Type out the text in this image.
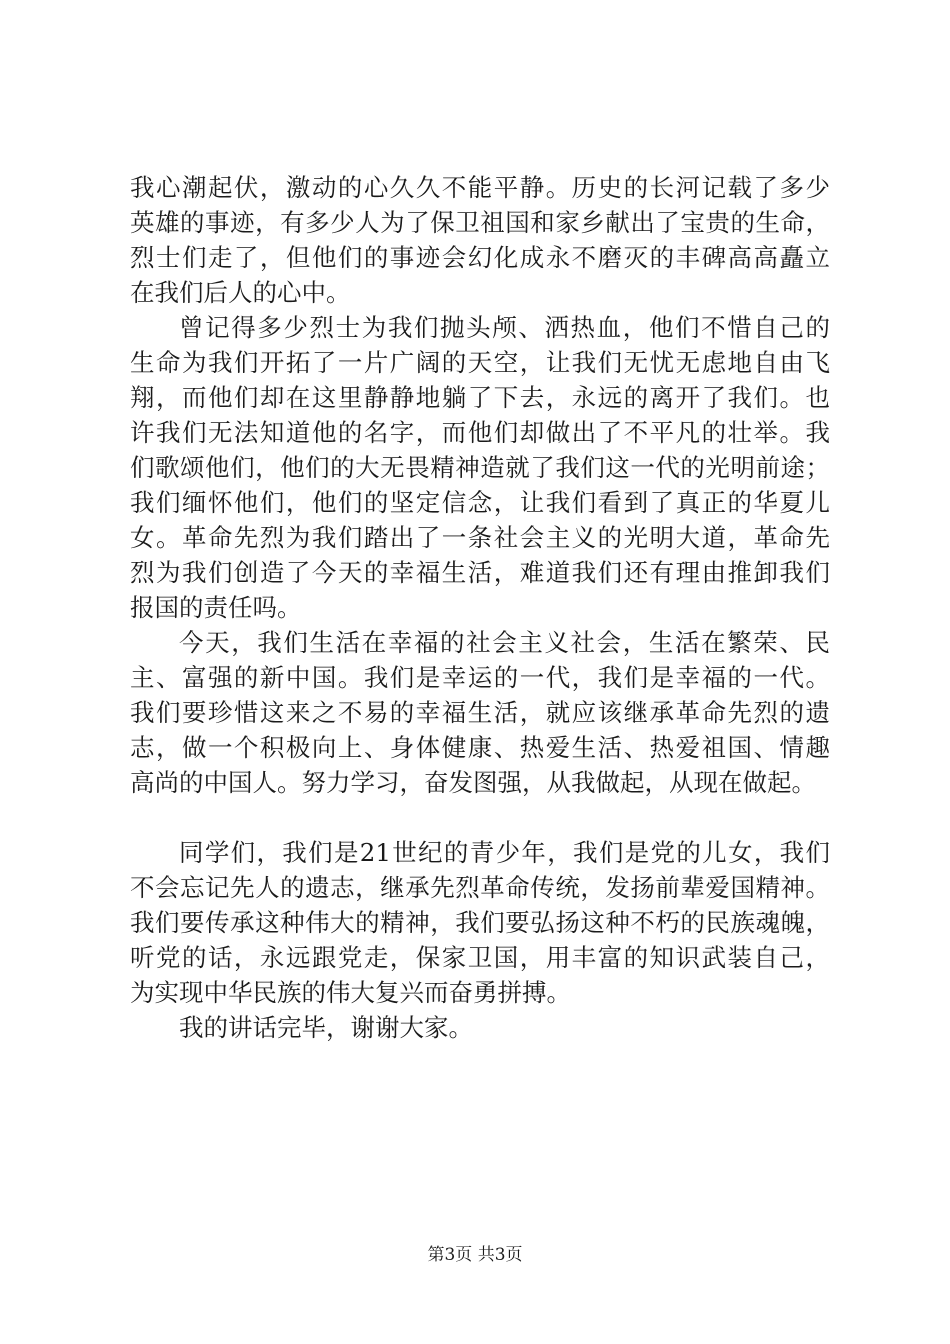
我心潮起伏，激动的心久久不能平静。历史的长河记载了多少
英雄的事迹，有多少人为了保卫祖国和家乡献出了宝贵的生命，
烈士们走了，但他们的事迹会幻化成永不磨灭的丰碑高高矗立
在我们后人的心中。
曾记得多少烈士为我们抛头颅、洒热血，他们不惜自己的
生命为我们开拓了一片广阔的天空，让我们无忧无虑地自由飞
翔，而他们却在这里静静地躺了下去，永远的离开了我们。也
许我们无法知道他的名字，而他们却做出了不平凡的壮举。我
们歌颂他们，他们的大无畏精神造就了我们这一代的光明前途；
我们缅怀他们，他们的坚定信念，让我们看到了真正的华夏儿
女。革命先烈为我们踏出了一条社会主义的光明大道，革命先
烈为我们创造了今天的幸福生活，难道我们还有理由推卸我们
报国的责任吗。
今天，我们生活在幸福的社会主义社会，生活在繁荣、民
主、富强的新中国。我们是幸运的一代，我们是幸福的一代。
我们要珍惜这来之不易的幸福生活，就应该继承革命先烈的遗
志，做一个积极向上、身体健康、热爱生活、热爱祖国、情趣
高尚的中国人。努力学习，奋发图强，从我做起，从现在做起。
同学们，我们是21世纪的青少年，我们是党的儿女，我们
不会忘记先人的遗志，继承先烈革命传统，发扬前辈爱国精神。
我们要传承这种伟大的精神，我们要弘扬这种不朽的民族魂魄，
听党的话，永远跟党走，保家卫国，用丰富的知识武装自己，
为实现中华民族的伟大复兴而奋勇拼搏。
我的讲话完毕，谢谢大家。
第3页 共3页
